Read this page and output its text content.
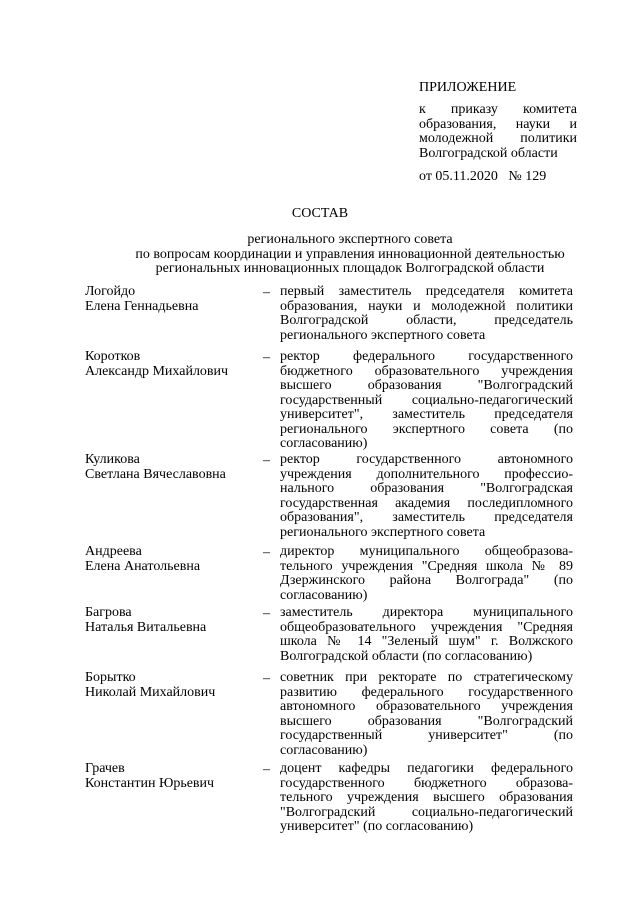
ПРИЛОЖЕНИЕ
к приказу комитета образования, науки и молодежной политики Волгоградской области
от 05.11.2020   № 129
СОСТАВ
регионального экспертного совета
по вопросам координации и управления инновационной деятельностью
региональных инновационных площадок Волгоградской области
Логойдо
Елена Геннадьевна
– первый заместитель председателя комитета образования, науки и молодежной политики Волгоградской области, председатель регионального экспертного совета
Коротков
Александр Михайлович
– ректор федерального государственного бюджетного образовательного учреждения высшего образования "Волгоградский государственный социально-педагогический университет", заместитель председателя регионального экспертного совета (по согласованию)
Куликова
Светлана Вячеславовна
– ректор государственного автономного учреждения дополнительного профессио-нального образования "Волгоградская государственная академия последипломного образования", заместитель председателя регионального экспертного совета
Андреева
Елена Анатольевна
– директор муниципального общеобразова-тельного учреждения "Средняя школа № 89 Дзержинского района Волгограда" (по согласованию)
Багрова
Наталья Витальевна
– заместитель директора муниципального общеобразовательного учреждения "Средняя школа № 14 "Зеленый шум" г. Волжского Волгоградской области (по согласованию)
Борытко
Николай Михайлович
– советник при ректорате по стратегическому развитию федерального государственного автономного образовательного учреждения высшего образования "Волгоградский государственный университет" (по согласованию)
Грачев
Константин Юрьевич
– доцент кафедры педагогики федерального государственного бюджетного образова-тельного учреждения высшего образования "Волгоградский социально-педагогический университет" (по согласованию)
